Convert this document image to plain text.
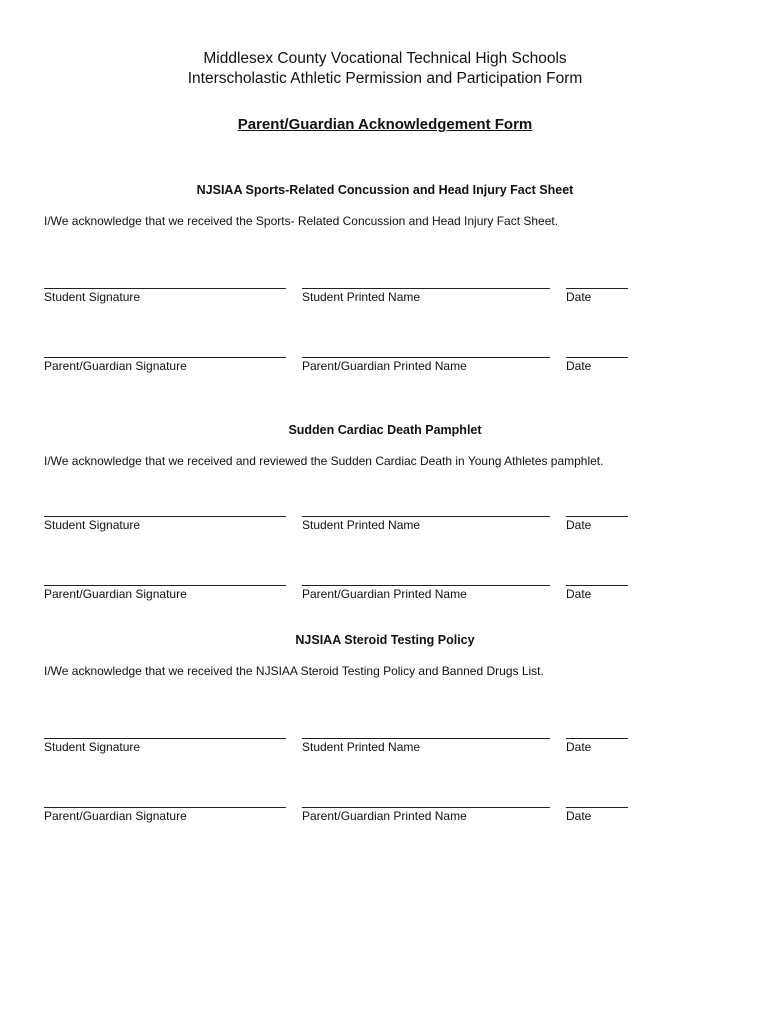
Middlesex County Vocational Technical High Schools
Interscholastic Athletic Permission and Participation Form
Parent/Guardian Acknowledgement Form
NJSIAA Sports-Related Concussion and Head Injury Fact Sheet
I/We acknowledge that we received the Sports- Related Concussion and Head Injury Fact Sheet.
Student Signature	Student Printed Name	Date
Parent/Guardian Signature	Parent/Guardian Printed Name	Date
Sudden Cardiac Death Pamphlet
I/We acknowledge that we received and reviewed the Sudden Cardiac Death in Young Athletes pamphlet.
Student Signature	Student Printed Name	Date
Parent/Guardian Signature	Parent/Guardian Printed Name	Date
NJSIAA Steroid Testing Policy
I/We acknowledge that we received the NJSIAA Steroid Testing Policy and Banned Drugs List.
Student Signature	Student Printed Name	Date
Parent/Guardian Signature	Parent/Guardian Printed Name	Date
